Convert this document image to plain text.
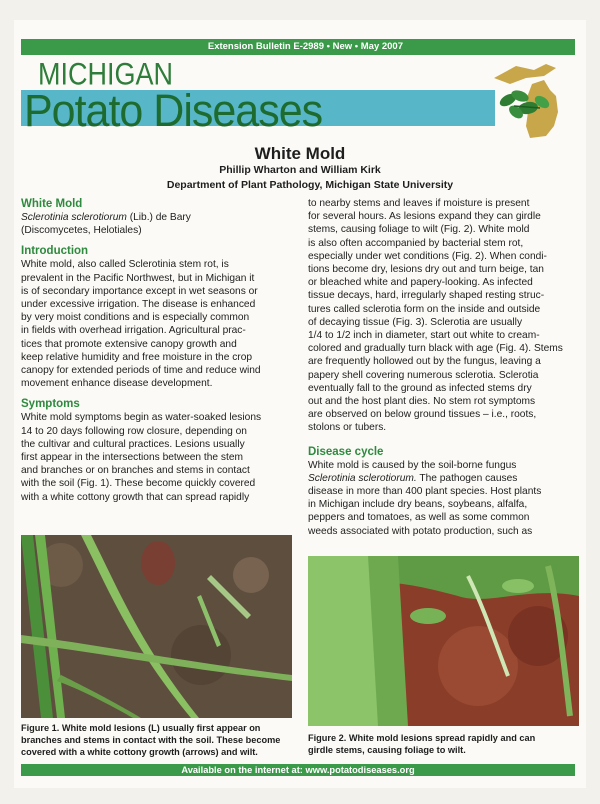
Extension Bulletin E-2989 • New • May 2007
MICHIGAN
Potato Diseases
White Mold
Phillip Wharton and William Kirk
Department of Plant Pathology, Michigan State University
White Mold
Sclerotinia sclerotiorum (Lib.) de Bary
(Discomycetes, Helotiales)
Introduction
White mold, also called Sclerotinia stem rot, is
prevalent in the Pacific Northwest, but in Michigan it
is of secondary importance except in wet seasons or
under excessive irrigation. The disease is enhanced
by very moist conditions and is especially common
in fields with overhead irrigation. Agricultural prac-
tices that promote extensive canopy growth and
keep relative humidity and free moisture in the crop
canopy for extended periods of time and reduce wind
movement enhance disease development.
Symptoms
White mold symptoms begin as water-soaked lesions
14 to 20 days following row closure, depending on
the cultivar and cultural practices. Lesions usually
first appear in the intersections between the stem
and branches or on branches and stems in contact
with the soil (Fig. 1). These become quickly covered
with a white cottony growth that can spread rapidly
to nearby stems and leaves if moisture is present
for several hours. As lesions expand they can girdle
stems, causing foliage to wilt (Fig. 2). White mold
is also often accompanied by bacterial stem rot,
especially under wet conditions (Fig. 2). When condi-
tions become dry, lesions dry out and turn beige, tan
or bleached white and papery-looking. As infected
tissue decays, hard, irregularly shaped resting struc-
tures called sclerotia form on the inside and outside
of decaying tissue (Fig. 3). Sclerotia are usually
1/4 to 1/2 inch in diameter, start out white to cream-
colored and gradually turn black with age (Fig. 4). Stems
are frequently hollowed out by the fungus, leaving a
papery shell covering numerous sclerotia. Sclerotia
eventually fall to the ground as infected stems dry
out and the host plant dies. No stem rot symptoms
are observed on below ground tissues – i.e., roots,
stolons or tubers.
Disease cycle
White mold is caused by the soil-borne fungus
Sclerotinia sclerotiorum. The pathogen causes
disease in more than 400 plant species. Host plants
in Michigan include dry beans, soybeans, alfalfa,
peppers and tomatoes, as well as some common
weeds associated with potato production, such as
Figure 1. White mold lesions (L) usually first appear on
branches and stems in contact with the soil. These become
covered with a white cottony growth (arrows) and wilt.
Figure 2. White mold lesions spread rapidly and can
girdle stems, causing foliage to wilt.
Available on the internet at: www.potatodiseases.org
